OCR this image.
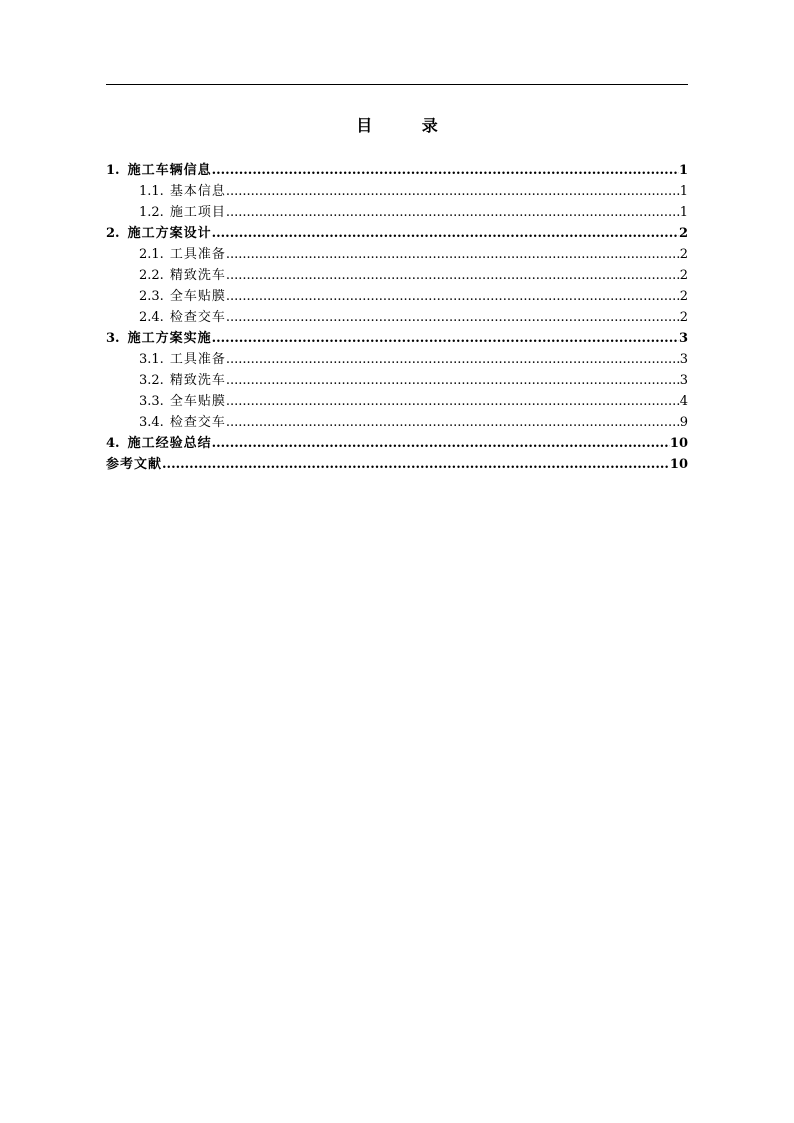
目 录
1. 施工车辆信息 .....	1
1.1. 基本信息 .....	1
1.2. 施工项目 .....	1
2. 施工方案设计 .....	2
2.1. 工具准备 .....	2
2.2. 精致洗车 .....	2
2.3. 全车贴膜 .....	2
2.4. 检查交车 .....	2
3. 施工方案实施 .....	3
3.1. 工具准备 .....	3
3.2. 精致洗车 .....	3
3.3. 全车贴膜 .....	4
3.4. 检查交车 .....	9
4. 施工经验总结 .....	10
参考文献 .....	10
